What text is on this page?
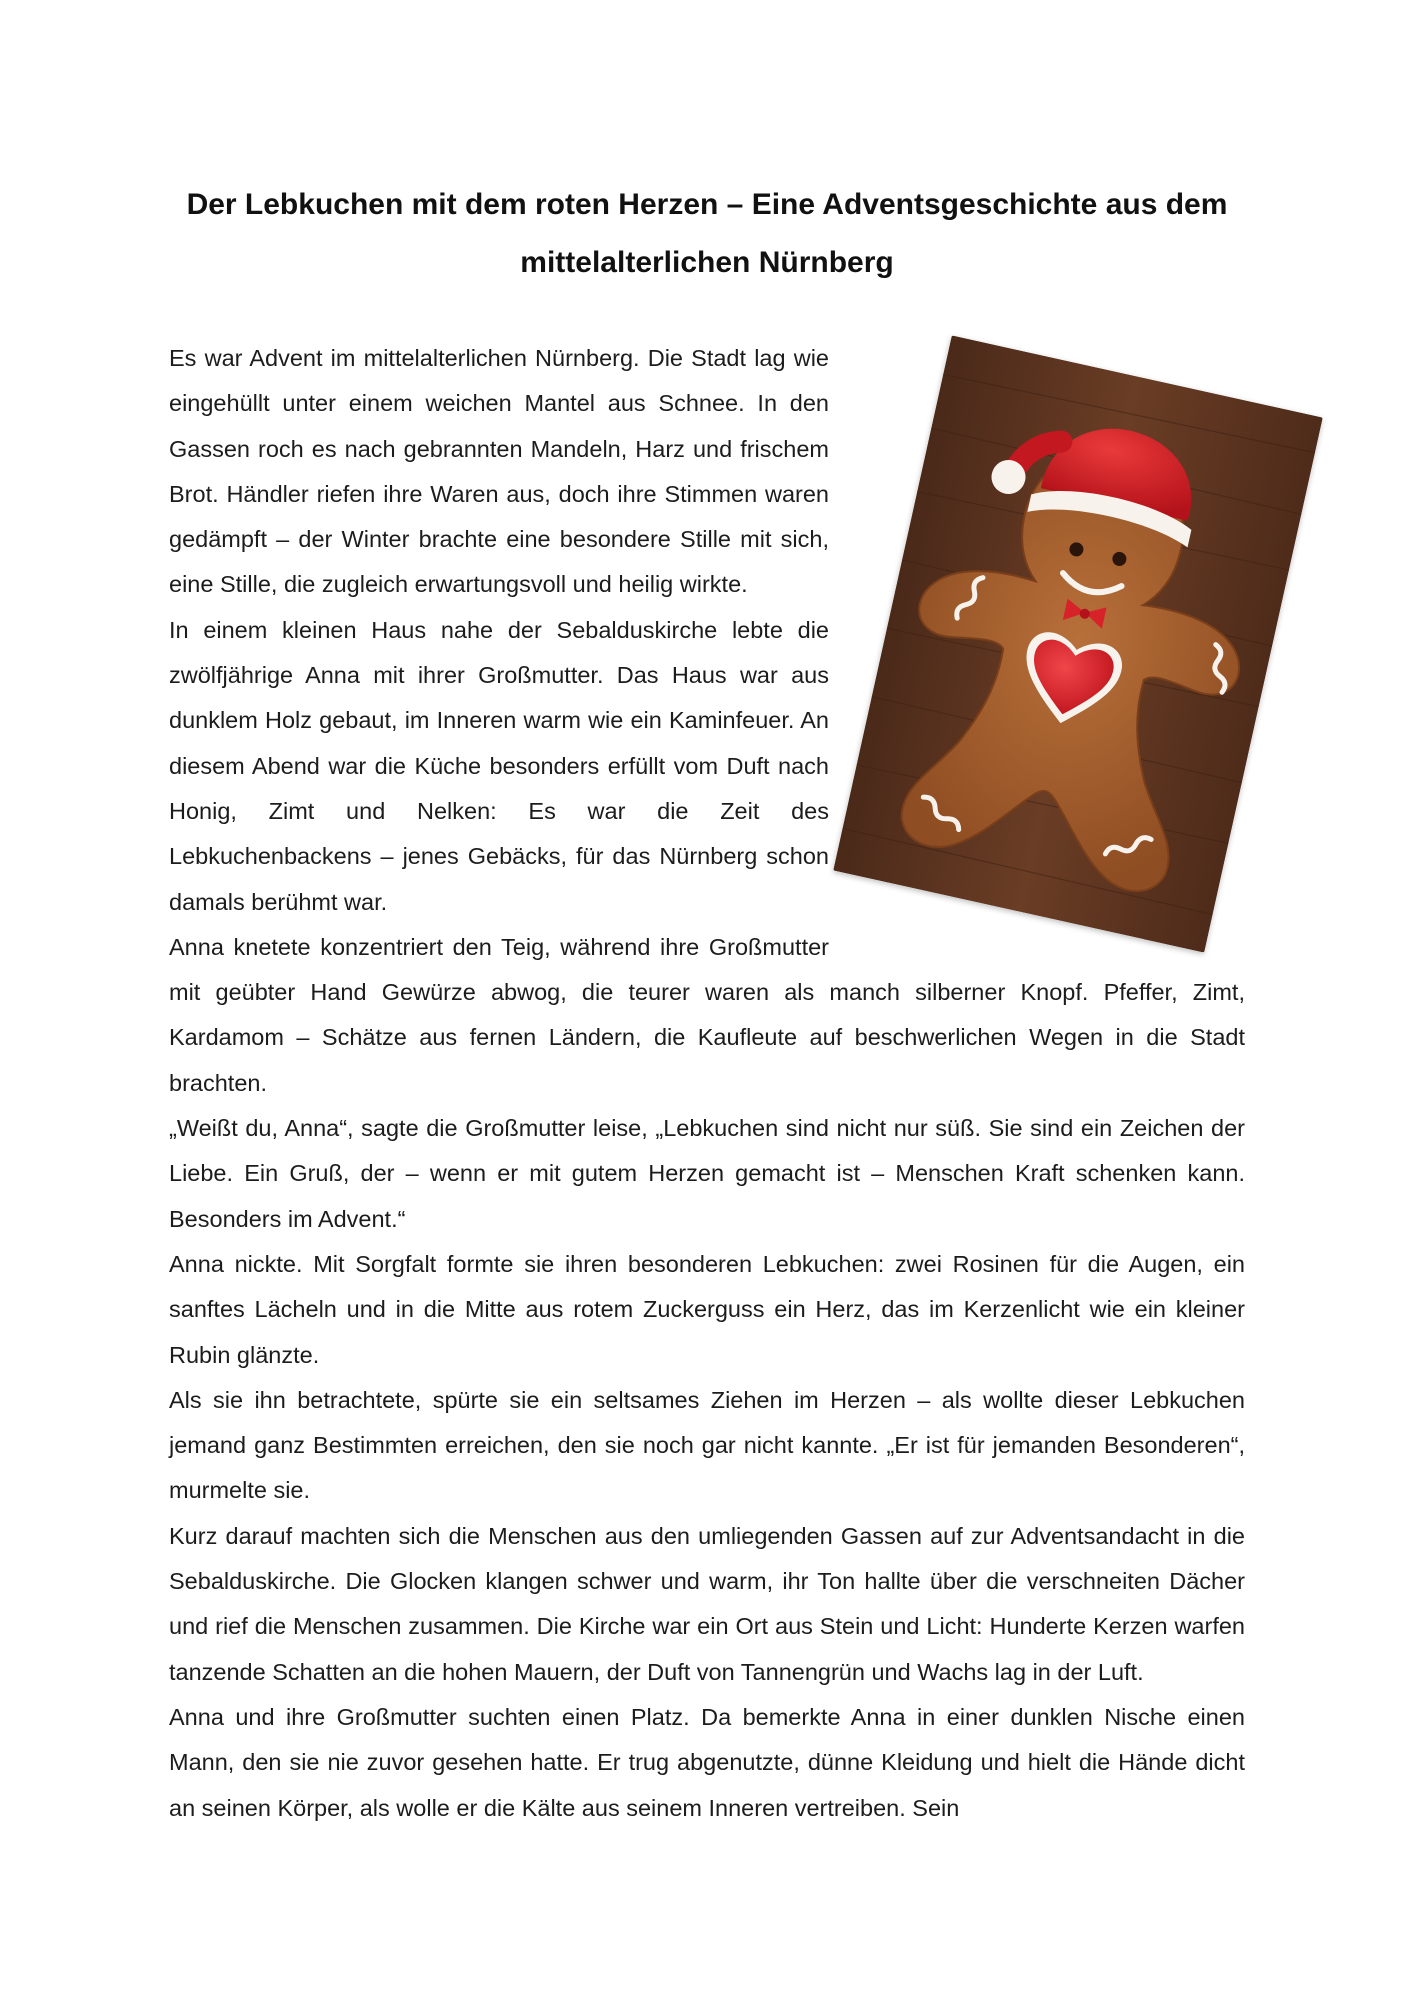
Der Lebkuchen mit dem roten Herzen – Eine Adventsgeschichte aus dem mittelalterlichen Nürnberg

Es war Advent im mittelalterlichen Nürnberg. Die Stadt lag wie eingehüllt unter einem weichen Mantel aus Schnee. In den Gassen roch es nach gebrannten Mandeln, Harz und frischem Brot. Händler riefen ihre Waren aus, doch ihre Stimmen waren gedämpft – der Winter brachte eine besondere Stille mit sich, eine Stille, die zugleich erwartungsvoll und heilig wirkte.

In einem kleinen Haus nahe der Sebalduskirche lebte die zwölfjährige Anna mit ihrer Großmutter. Das Haus war aus dunklem Holz gebaut, im Inneren warm wie ein Kaminfeuer. An diesem Abend war die Küche besonders erfüllt vom Duft nach Honig, Zimt und Nelken: Es war die Zeit des Lebkuchenbackens – jenes Gebäcks, für das Nürnberg schon damals berühmt war.

Anna knetete konzentriert den Teig, während ihre Großmutter mit geübter Hand Gewürze abwog, die teurer waren als manch silberner Knopf. Pfeffer, Zimt, Kardamom – Schätze aus fernen Ländern, die Kaufleute auf beschwerlichen Wegen in die Stadt brachten.

„Weißt du, Anna“, sagte die Großmutter leise, „Lebkuchen sind nicht nur süß. Sie sind ein Zeichen der Liebe. Ein Gruß, der – wenn er mit gutem Herzen gemacht ist – Menschen Kraft schenken kann. Besonders im Advent.“

Anna nickte. Mit Sorgfalt formte sie ihren besonderen Lebkuchen: zwei Rosinen für die Augen, ein sanftes Lächeln und in die Mitte aus rotem Zuckerguss ein Herz, das im Kerzenlicht wie ein kleiner Rubin glänzte.

Als sie ihn betrachtete, spürte sie ein seltsames Ziehen im Herzen – als wollte dieser Lebkuchen jemand ganz Bestimmten erreichen, den sie noch gar nicht kannte. „Er ist für jemanden Besonderen“, murmelte sie.

Kurz darauf machten sich die Menschen aus den umliegenden Gassen auf zur Adventsandacht in die Sebalduskirche. Die Glocken klangen schwer und warm, ihr Ton hallte über die verschneiten Dächer und rief die Menschen zusammen. Die Kirche war ein Ort aus Stein und Licht: Hunderte Kerzen warfen tanzende Schatten an die hohen Mauern, der Duft von Tannengrün und Wachs lag in der Luft.

Anna und ihre Großmutter suchten einen Platz. Da bemerkte Anna in einer dunklen Nische einen Mann, den sie nie zuvor gesehen hatte. Er trug abgenutzte, dünne Kleidung und hielt die Hände dicht an seinen Körper, als wolle er die Kälte aus seinem Inneren vertreiben. Sein
